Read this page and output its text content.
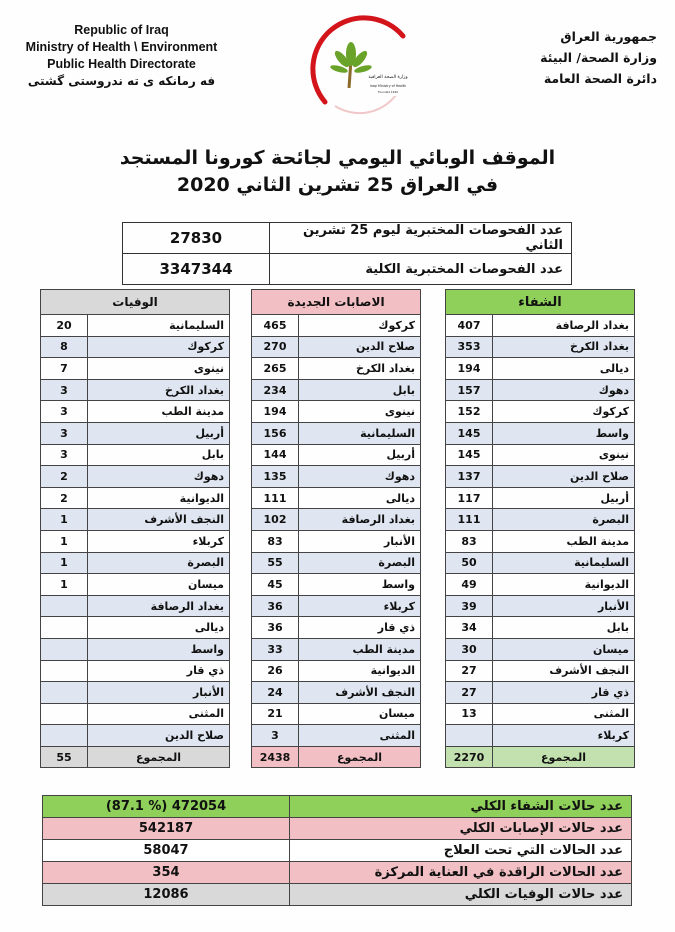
Republic of Iraq
Ministry of Health \ Environment
Public Health Directorate
فه رمانكه ى ته ندروستى گشتى
جمهورية العراق
وزارة الصحة/ البيئة
دائرة الصحة العامة
وزارة الصحة العراقية
Iraqi Ministry of Health
Founded 1920
الموقف الوبائي اليومي لجائحة كورونا المستجد
في العراق 25 تشرين الثاني 2020
27830	عدد الفحوصات المختبرية ليوم 25 تشرين الثاني
3347344	عدد الفحوصات المختبرية الكلية
الوفيات	
20	السليمانية
8	كركوك
7	نينوى
3	بغداد الكرخ
3	مدينة الطب
3	أربيل
3	بابل
2	دهوك
2	الديوانية
1	النجف الأشرف
1	كربلاء
1	البصرة
1	ميسان
	بغداد الرصافة
	ديالى
	واسط
	ذي قار
	الأنبار
	المثنى
	صلاح الدين
55	المجموع
الاصابات الجديدة	
465	كركوك
270	صلاح الدين
265	بغداد الكرخ
234	بابل
194	نينوى
156	السليمانية
144	أربيل
135	دهوك
111	ديالى
102	بغداد الرصافة
83	الأنبار
55	البصرة
45	واسط
36	كربلاء
36	ذي قار
33	مدينة الطب
26	الديوانية
24	النجف الأشرف
21	ميسان
3	المثنى
2438	المجموع
الشفاء	
407	بغداد الرصافة
353	بغداد الكرخ
194	ديالى
157	دهوك
152	كركوك
145	واسط
145	نينوى
137	صلاح الدين
117	أربيل
111	البصرة
83	مدينة الطب
50	السليمانية
49	الديوانية
39	الأنبار
34	بابل
30	ميسان
27	النجف الأشرف
27	ذي قار
13	المثنى
	كربلاء
2270	المجموع
(87.1 %) 472054	عدد حالات الشفاء الكلي
542187	عدد حالات الإصابات الكلي
58047	عدد الحالات التي تحت العلاج
354	عدد الحالات الراقدة في العناية المركزة
12086	عدد حالات الوفيات الكلي
